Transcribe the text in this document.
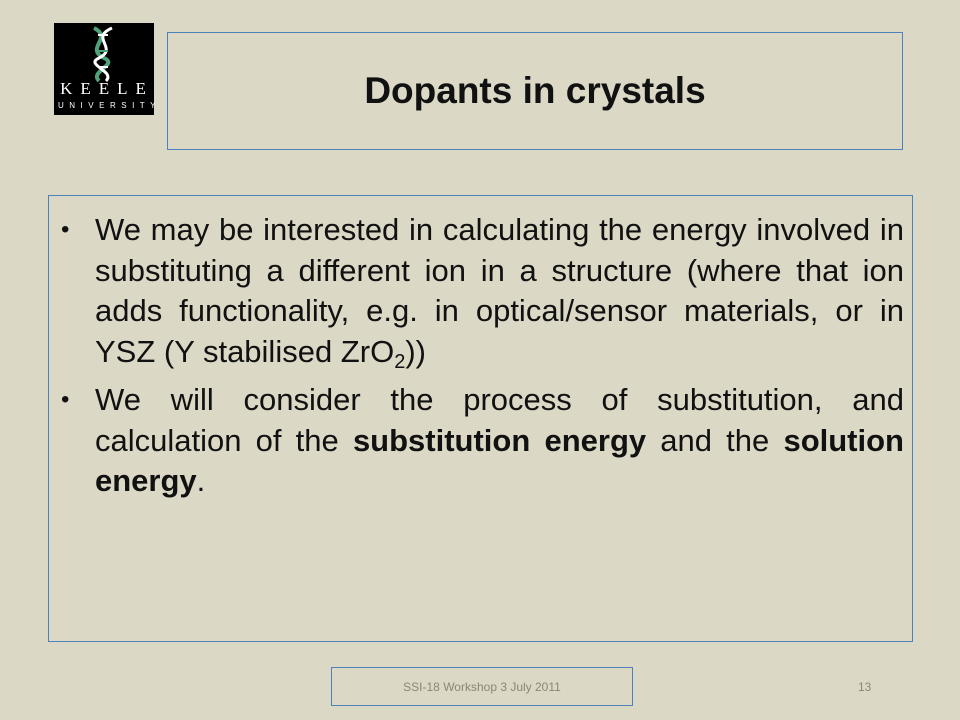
KEELE
UNIVERSITY	Dopants in crystals
• We may be interested in calculating the energy involved in substituting a different ion in a structure (where that ion adds functionality, e.g. in optical/sensor materials, or in YSZ (Y stabilised ZrO$_2$))
• We will consider the process of substitution, and calculation of the substitution energy and the solution energy.
SSI-18 Workshop 3 July 2011	13
